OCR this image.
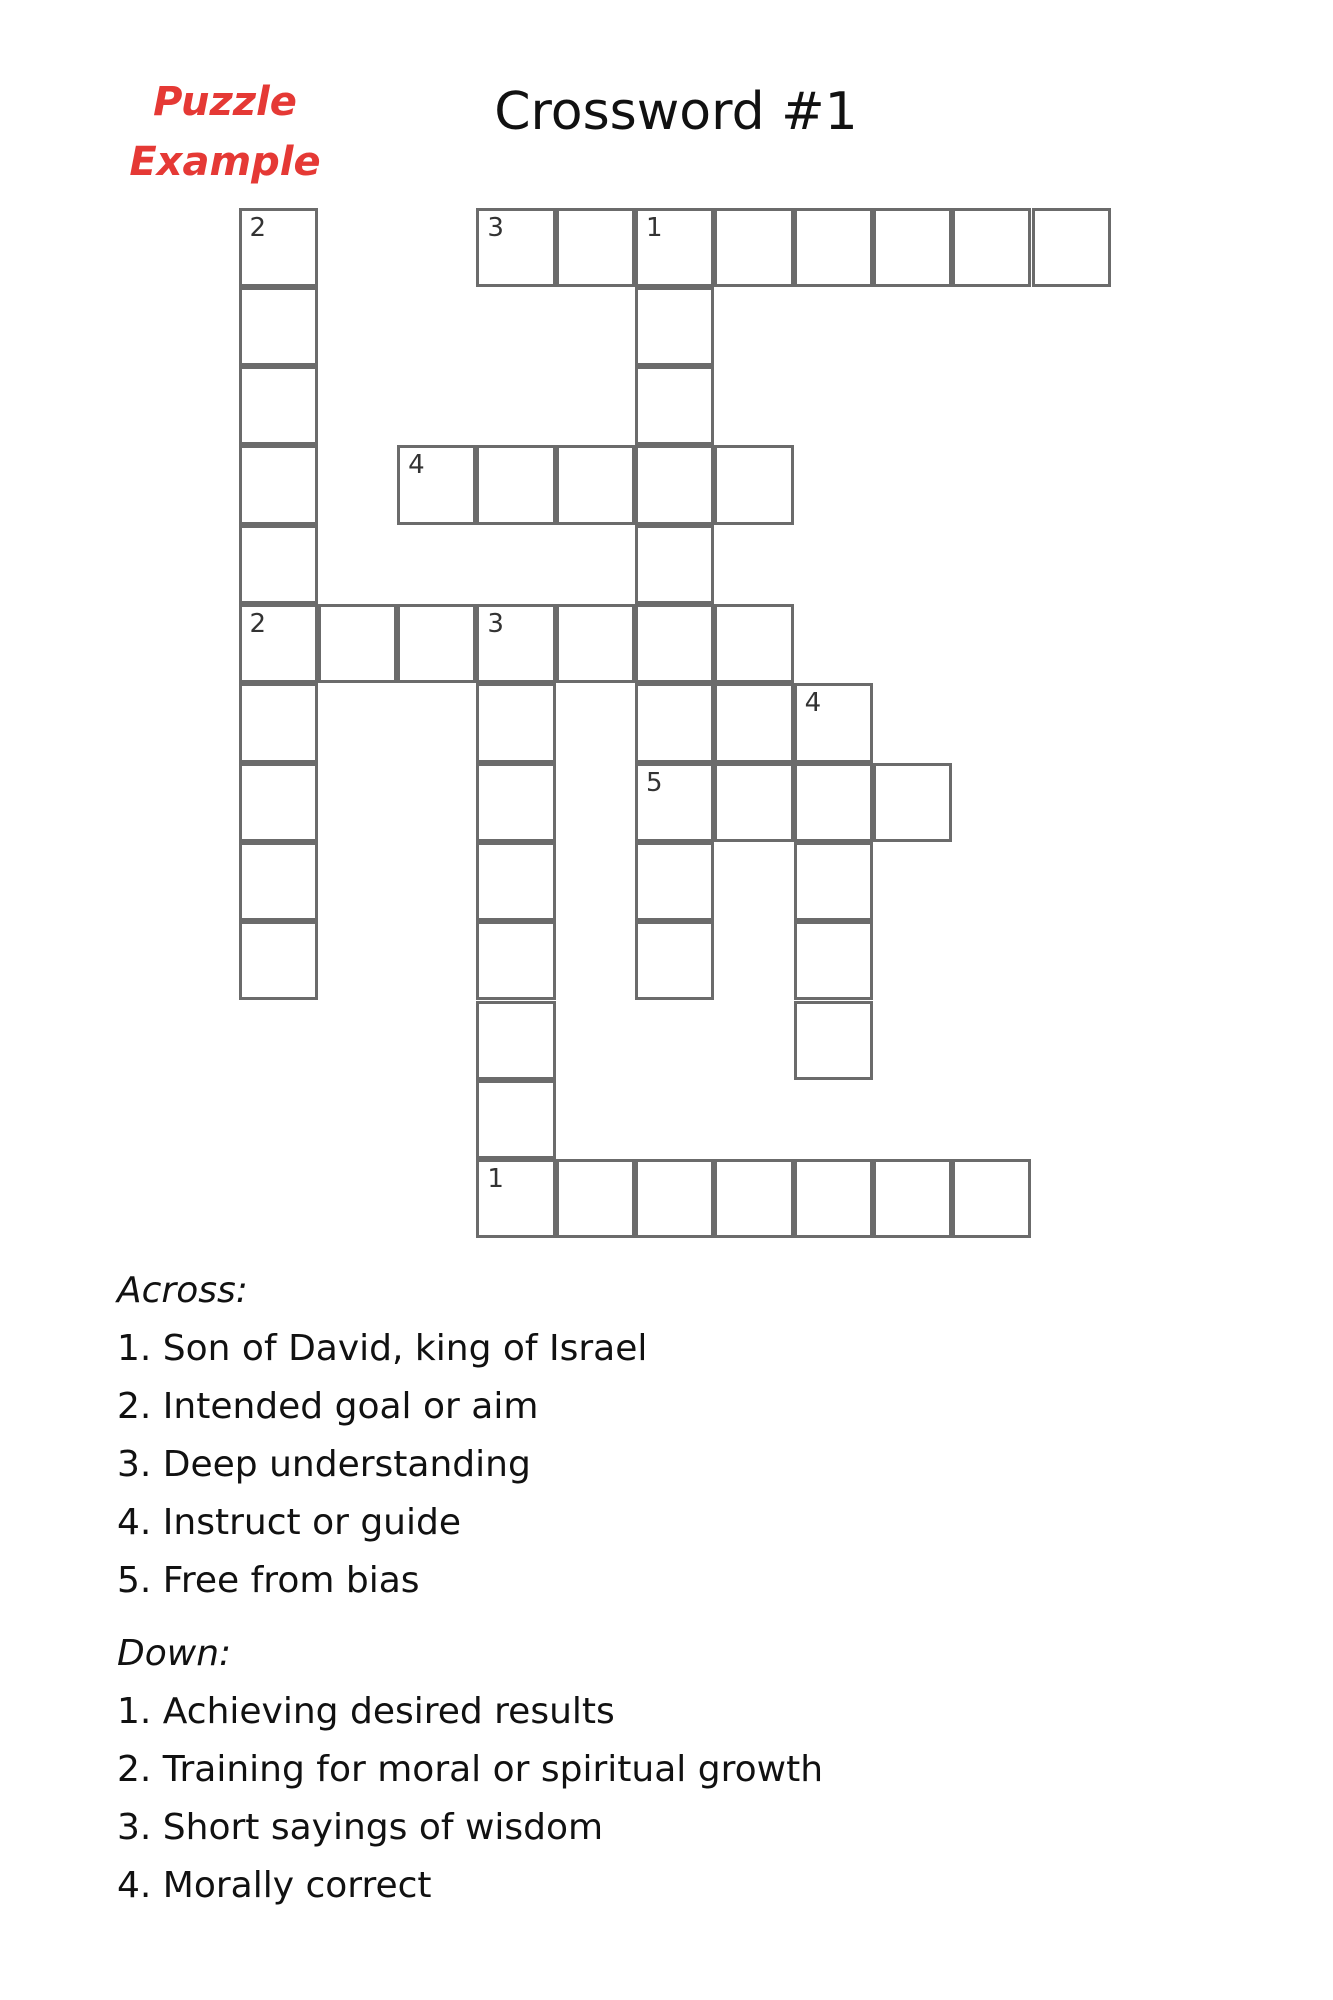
Puzzle
Example
Crossword #1
3	1
5
2
2
4
3
1
4
Across:
1. Son of David, king of Israel
2. Intended goal or aim
3. Deep understanding
4. Instruct or guide
5. Free from bias
Down:
1. Achieving desired results
2. Training for moral or spiritual growth
3. Short sayings of wisdom
4. Morally correct
